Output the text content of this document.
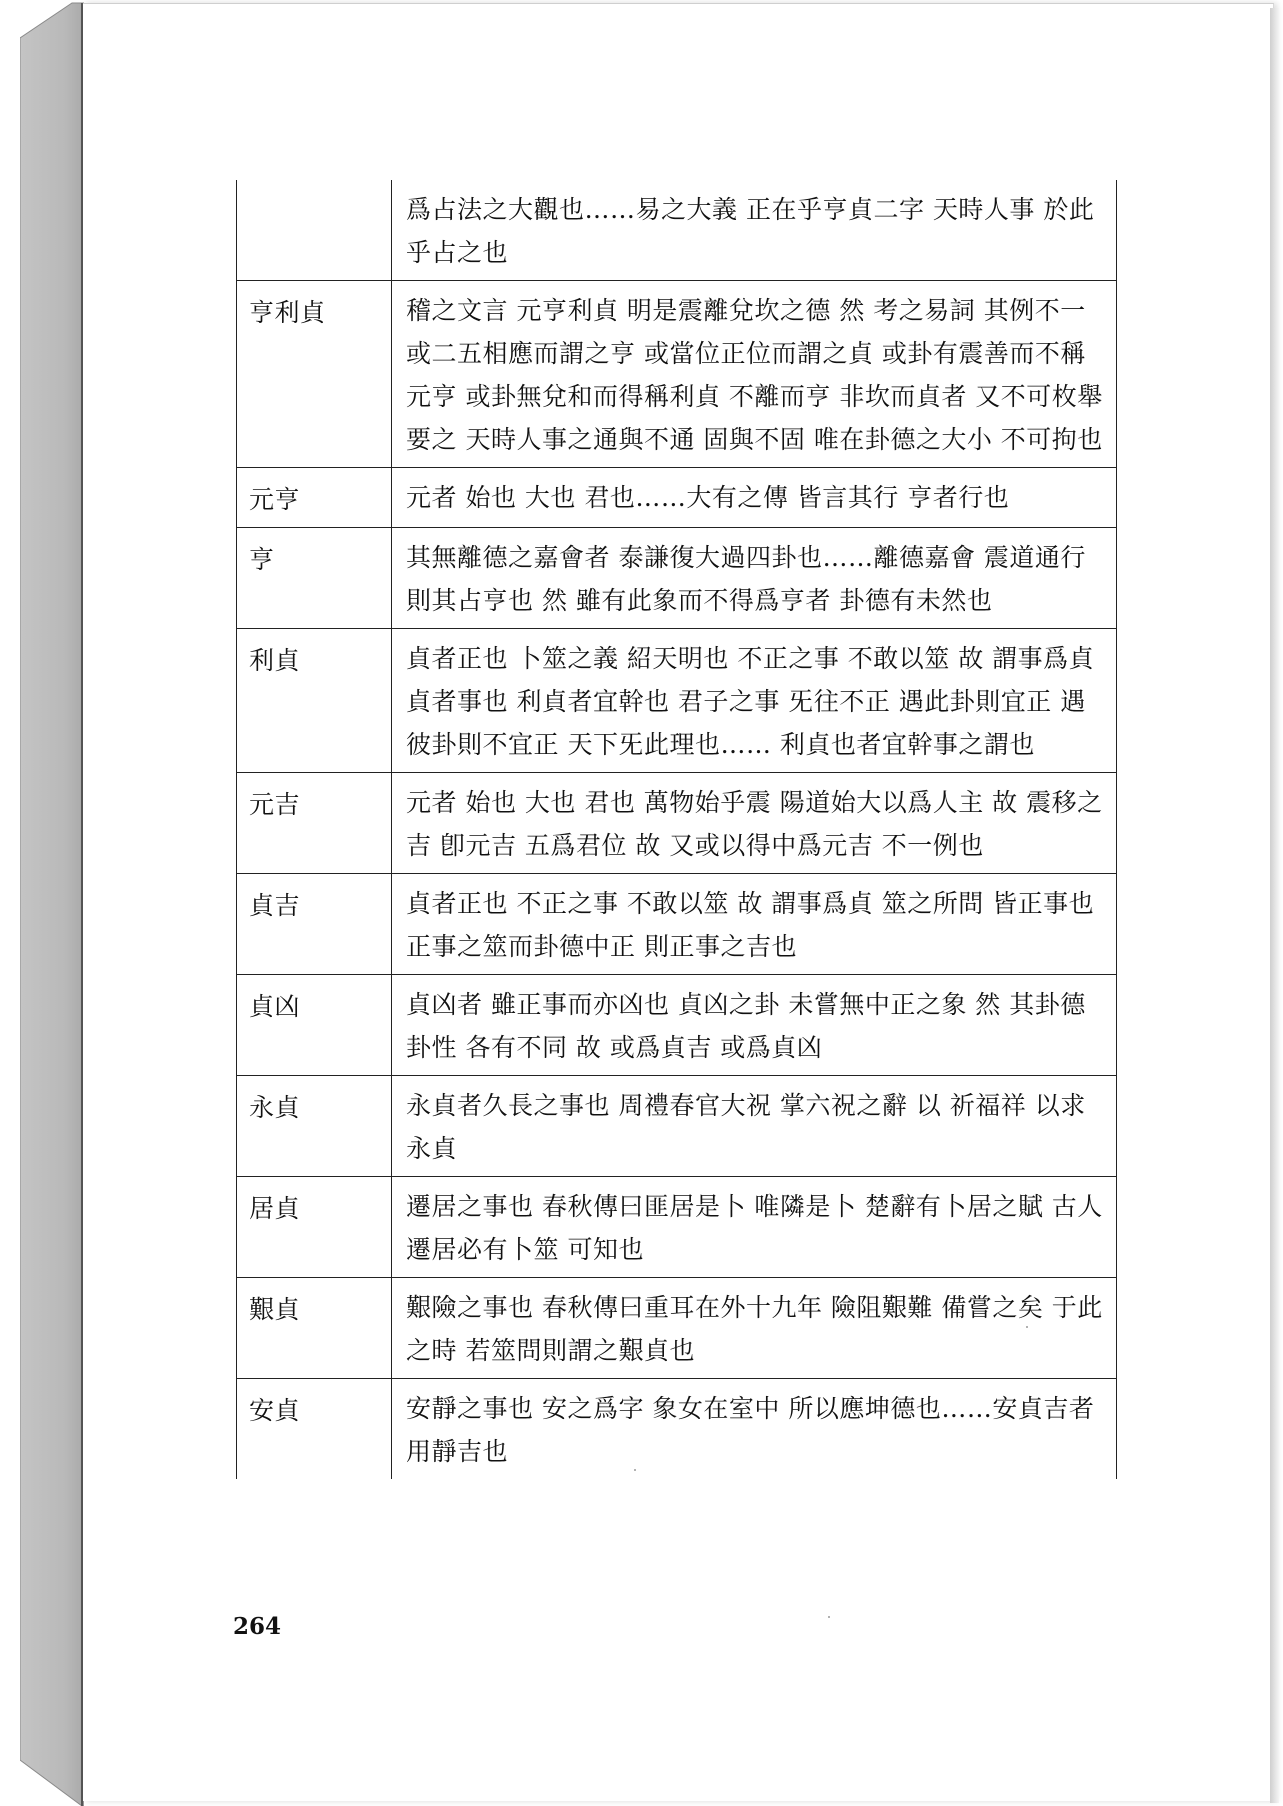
	爲占法之大觀也……易之大義 正在乎亨貞二字 天時人事 於此乎占之也
亨利貞	稽之文言 元亨利貞 明是震離兌坎之德 然 考之易詞 其例不一 或二五相應而謂之亨 或當位正位而謂之貞 或卦有震善而不稱元亨 或卦無兌和而得稱利貞 不離而亨 非坎而貞者 又不可枚舉 要之 天時人事之通與不通 固與不固 唯在卦德之大小 不可拘也
元亨	元者 始也 大也 君也……大有之傳 皆言其行 亨者行也
亨	其無離德之嘉會者 泰謙復大過四卦也……離德嘉會 震道通行 則其占亨也 然 雖有此象而不得爲亨者 卦德有未然也
利貞	貞者正也 卜筮之義 紹天明也 不正之事 不敢以筮 故 謂事爲貞 貞者事也 利貞者宜幹也 君子之事 旡往不正 遇此卦則宜正 遇彼卦則不宜正 天下旡此理也…… 利貞也者宜幹事之謂也
元吉	元者 始也 大也 君也 萬物始乎震 陽道始大以爲人主 故 震移之吉 卽元吉 五爲君位 故 又或以得中爲元吉 不一例也
貞吉	貞者正也 不正之事 不敢以筮 故 謂事爲貞 筮之所問 皆正事也 正事之筮而卦德中正 則正事之吉也
貞凶	貞凶者 雖正事而亦凶也 貞凶之卦 未嘗無中正之象 然 其卦德卦性 各有不同 故 或爲貞吉 或爲貞凶
永貞	永貞者久長之事也 周禮春官大祝 掌六祝之辭 以 祈福祥 以求永貞
居貞	遷居之事也 春秋傳曰匪居是卜 唯隣是卜 楚辭有卜居之賦 古人遷居必有卜筮 可知也
艱貞	艱險之事也 春秋傳曰重耳在外十九年 險阻艱難 備嘗之矣 于此之時 若筮問則謂之艱貞也
安貞	安靜之事也 安之爲字 象女在室中 所以應坤德也……安貞吉者用靜吉也
264
